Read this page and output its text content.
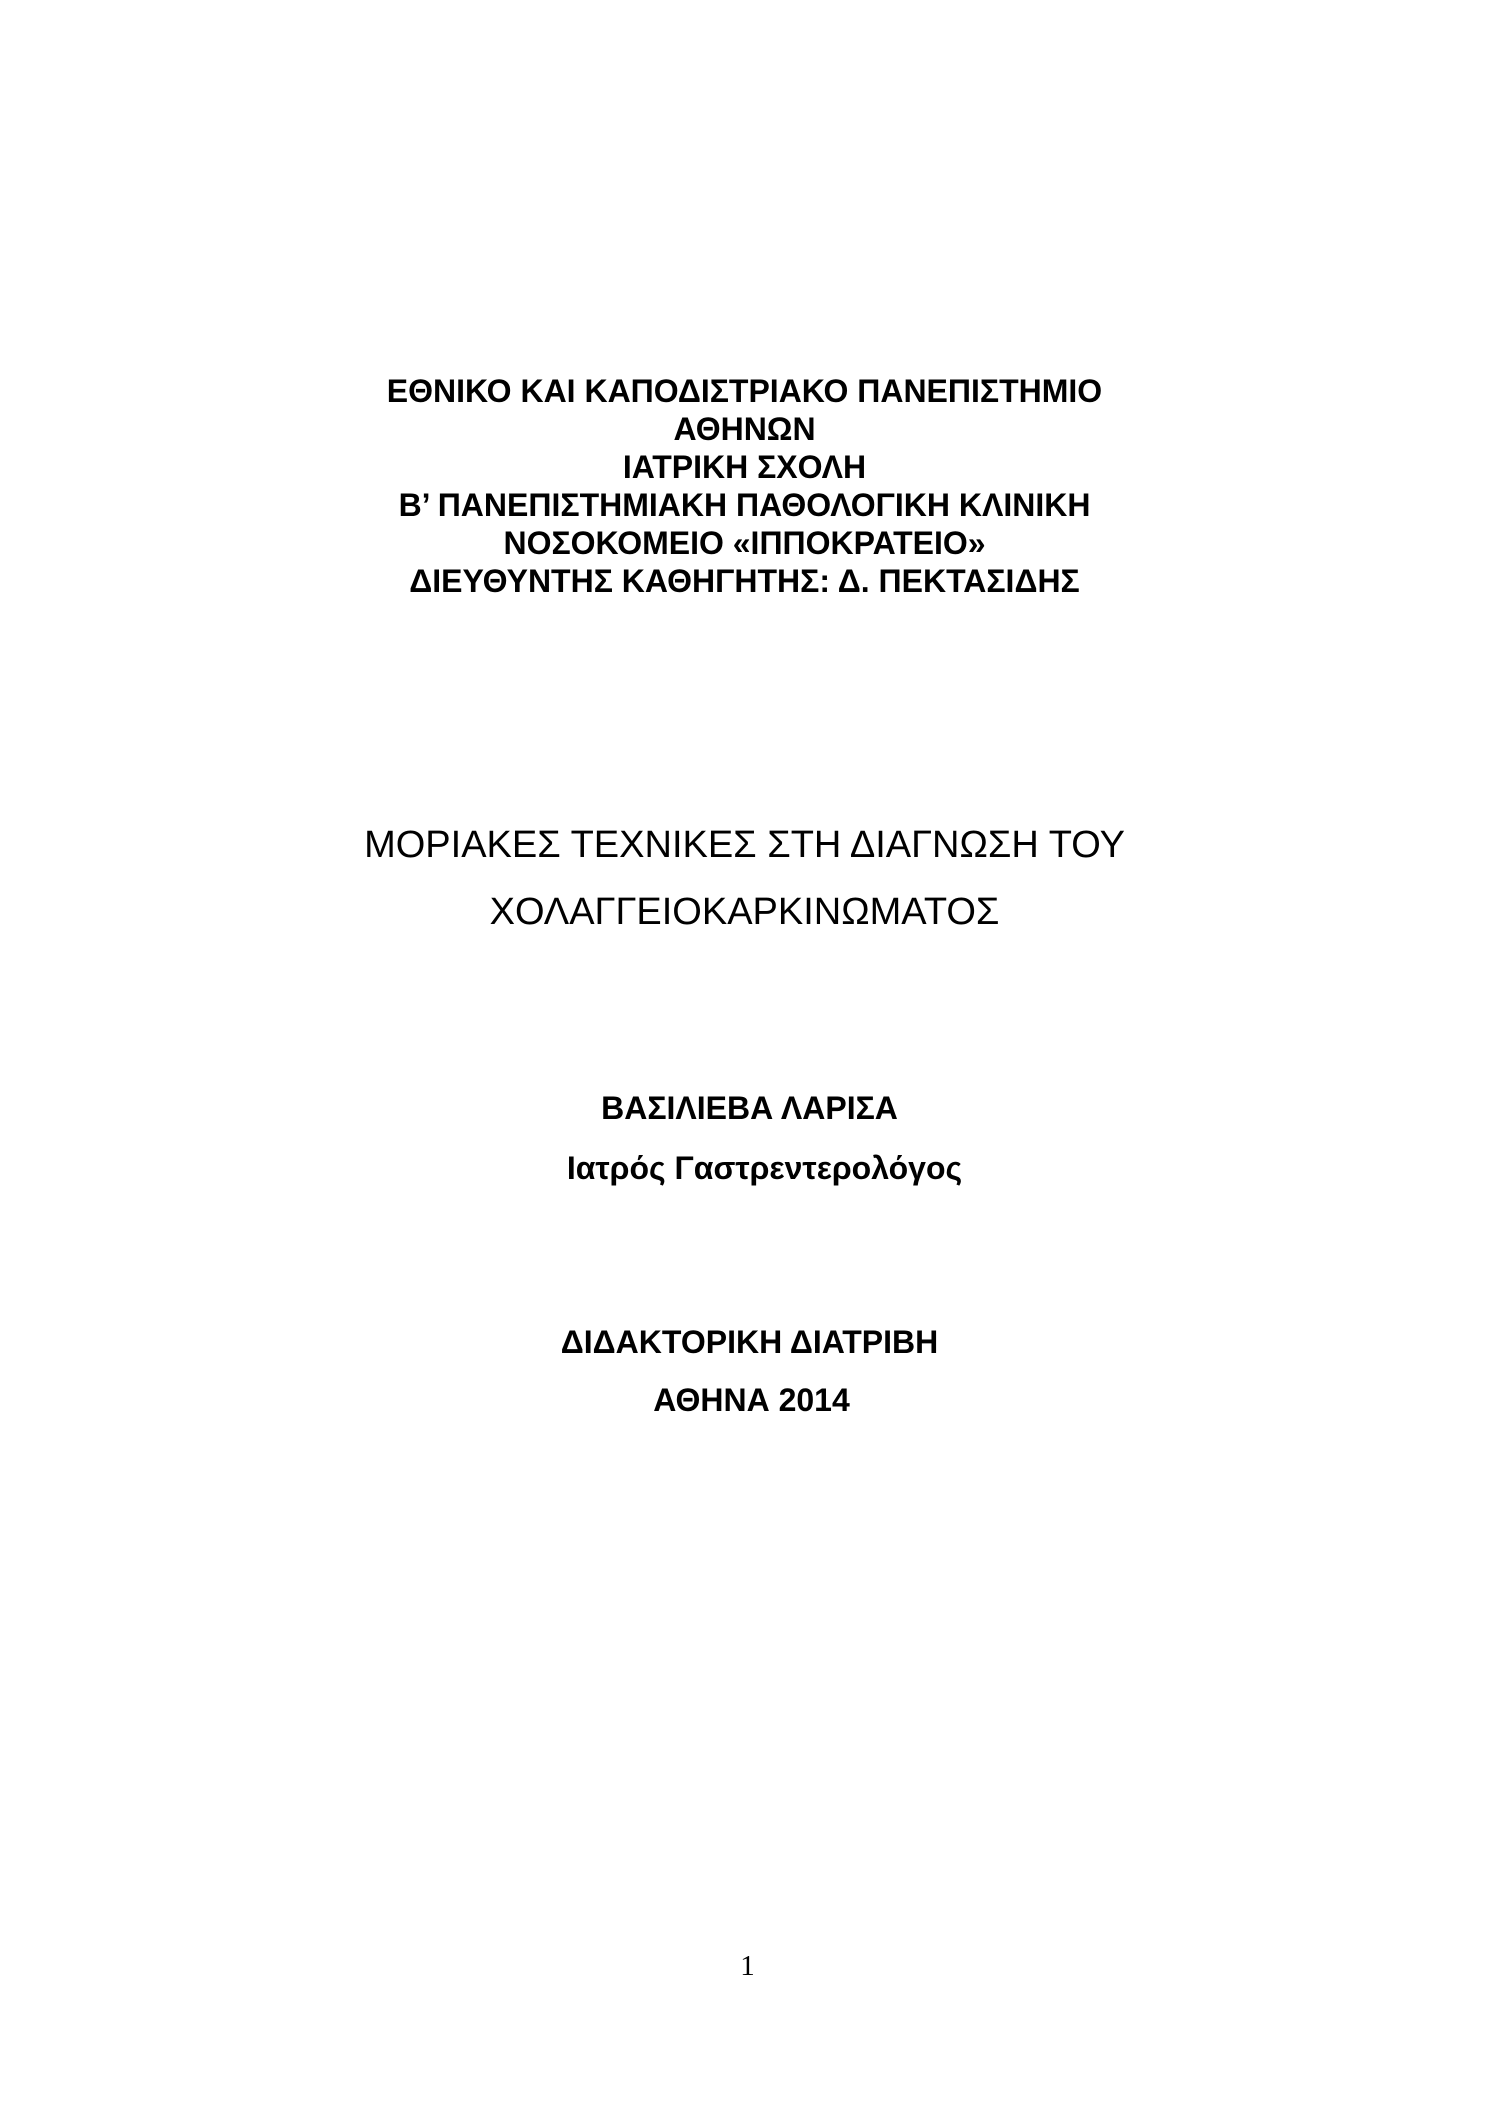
ΕΘΝΙΚΟ ΚΑΙ ΚΑΠΟΔΙΣΤΡΙΑΚΟ ΠΑΝΕΠΙΣΤΗΜΙΟ
ΑΘΗΝΩΝ
ΙΑΤΡΙΚΗ ΣΧΟΛΗ
Β’ ΠΑΝΕΠΙΣΤΗΜΙΑΚΗ ΠΑΘΟΛΟΓΙΚΗ ΚΛΙΝΙΚΗ
ΝΟΣΟΚΟΜΕΙΟ «ΙΠΠΟΚΡΑΤΕΙΟ»
ΔΙΕΥΘΥΝΤΗΣ ΚΑΘΗΓΗΤΗΣ: Δ. ΠΕΚΤΑΣΙΔΗΣ
ΜΟΡΙΑΚΕΣ ΤΕΧΝΙΚΕΣ ΣΤΗ ΔΙΑΓΝΩΣΗ ΤΟΥ
ΧΟΛΑΓΓΕΙΟΚΑΡΚΙΝΩΜΑΤΟΣ
ΒΑΣΙΛΙΕΒΑ ΛΑΡΙΣΑ
Ιατρός Γαστρεντερολόγος
ΔΙΔΑΚΤΟΡΙΚΗ ΔΙΑΤΡΙΒΗ
ΑΘΗΝΑ 2014
1
